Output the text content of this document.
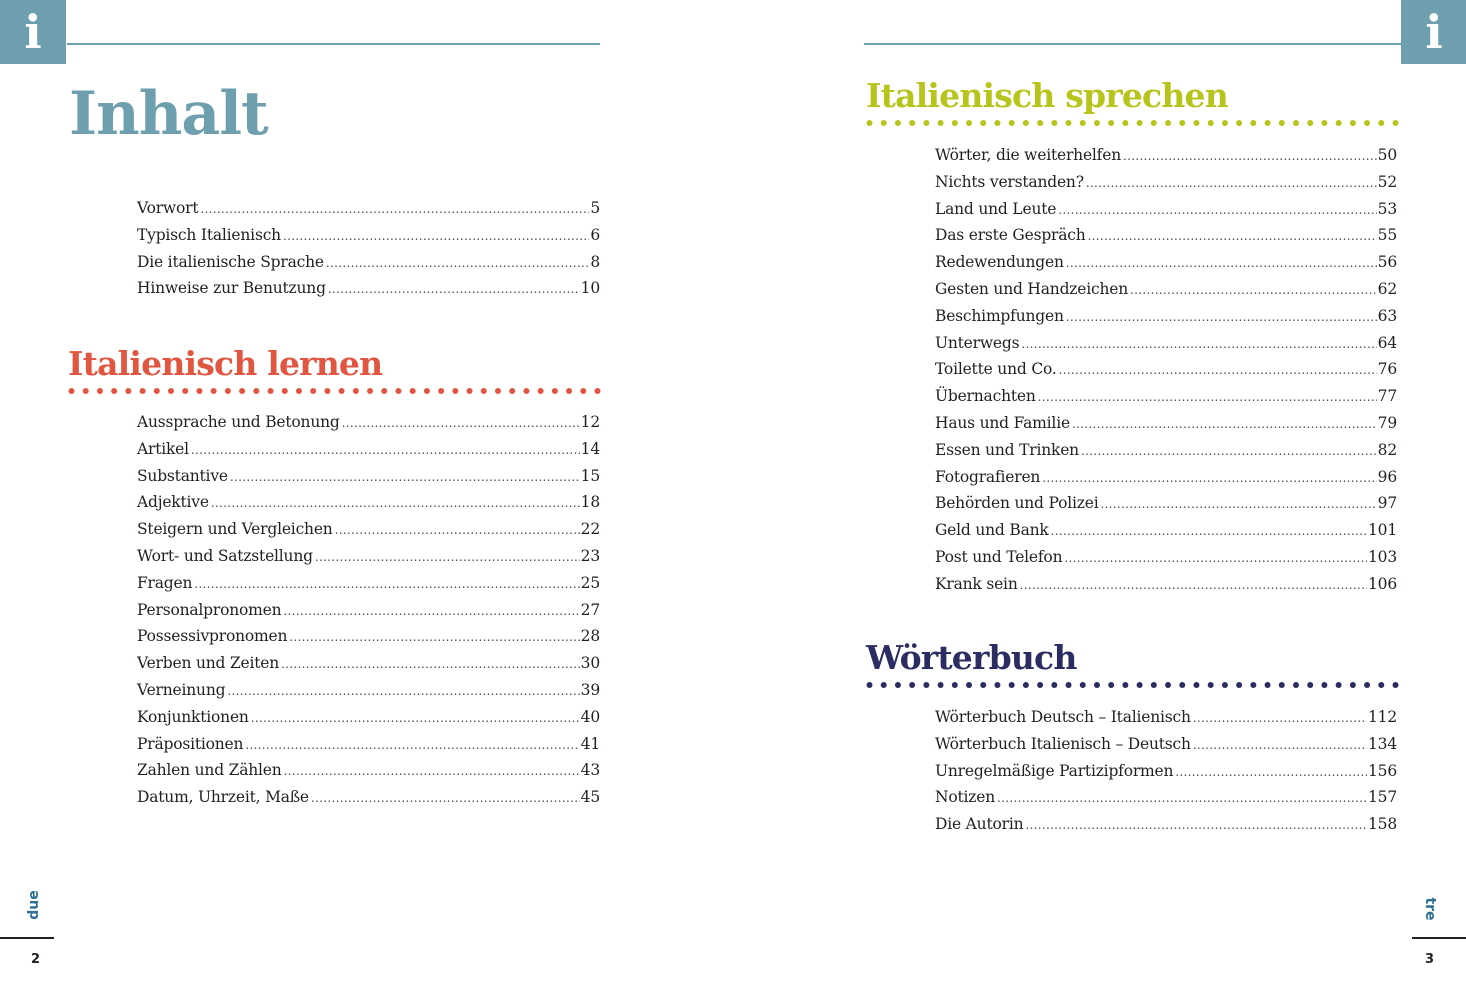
i
Inhalt
Vorwort .....	5
Typisch Italienisch .....	6
Die italienische Sprache .....	8
Hinweise zur Benutzung .....	10
Italienisch lernen
Aussprache und Betonung .....	12
Artikel .....	14
Substantive .....	15
Adjektive .....	18
Steigern und Vergleichen .....	22
Wort- und Satzstellung .....	23
Fragen .....	25
Personalpronomen .....	27
Possessivpronomen .....	28
Verben und Zeiten .....	30
Verneinung .....	39
Konjunktionen .....	40
Präpositionen .....	41
Zahlen und Zählen .....	43
Datum, Uhrzeit, Maße .....	45
due
2
i
Italienisch sprechen
Wörter, die weiterhelfen .....	50
Nichts verstanden? .....	52
Land und Leute .....	53
Das erste Gespräch .....	55
Redewendungen .....	56
Gesten und Handzeichen .....	62
Beschimpfungen .....	63
Unterwegs .....	64
Toilette und Co. .....	76
Übernachten .....	77
Haus und Familie .....	79
Essen und Trinken .....	82
Fotografieren .....	96
Behörden und Polizei .....	97
Geld und Bank .....	101
Post und Telefon .....	103
Krank sein .....	106
Wörterbuch
Wörterbuch Deutsch – Italienisch .....	112
Wörterbuch Italienisch – Deutsch .....	134
Unregelmäßige Partizipformen .....	156
Notizen .....	157
Die Autorin .....	158
tre
3
